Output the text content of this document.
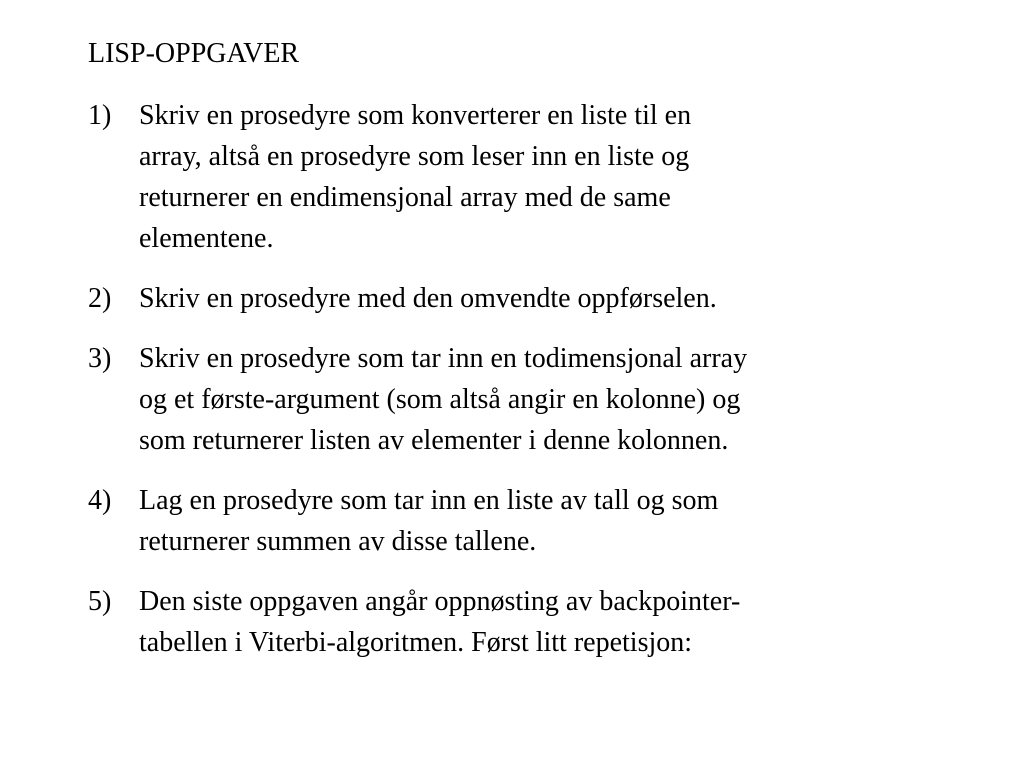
LISP-OPPGAVER
1) Skriv en prosedyre som konverterer en liste til en
array, altså en prosedyre som leser inn en liste og
returnerer en endimensjonal array med de same
elementene.
2) Skriv en prosedyre med den omvendte oppførselen.
3) Skriv en prosedyre som tar inn en todimensjonal array
og et første-argument (som altså angir en kolonne) og
som returnerer listen av elementer i denne kolonnen.
4) Lag en prosedyre som tar inn en liste av tall og som
returnerer summen av disse tallene.
5) Den siste oppgaven angår oppnøsting av backpointer-
tabellen i Viterbi-algoritmen. Først litt repetisjon:
